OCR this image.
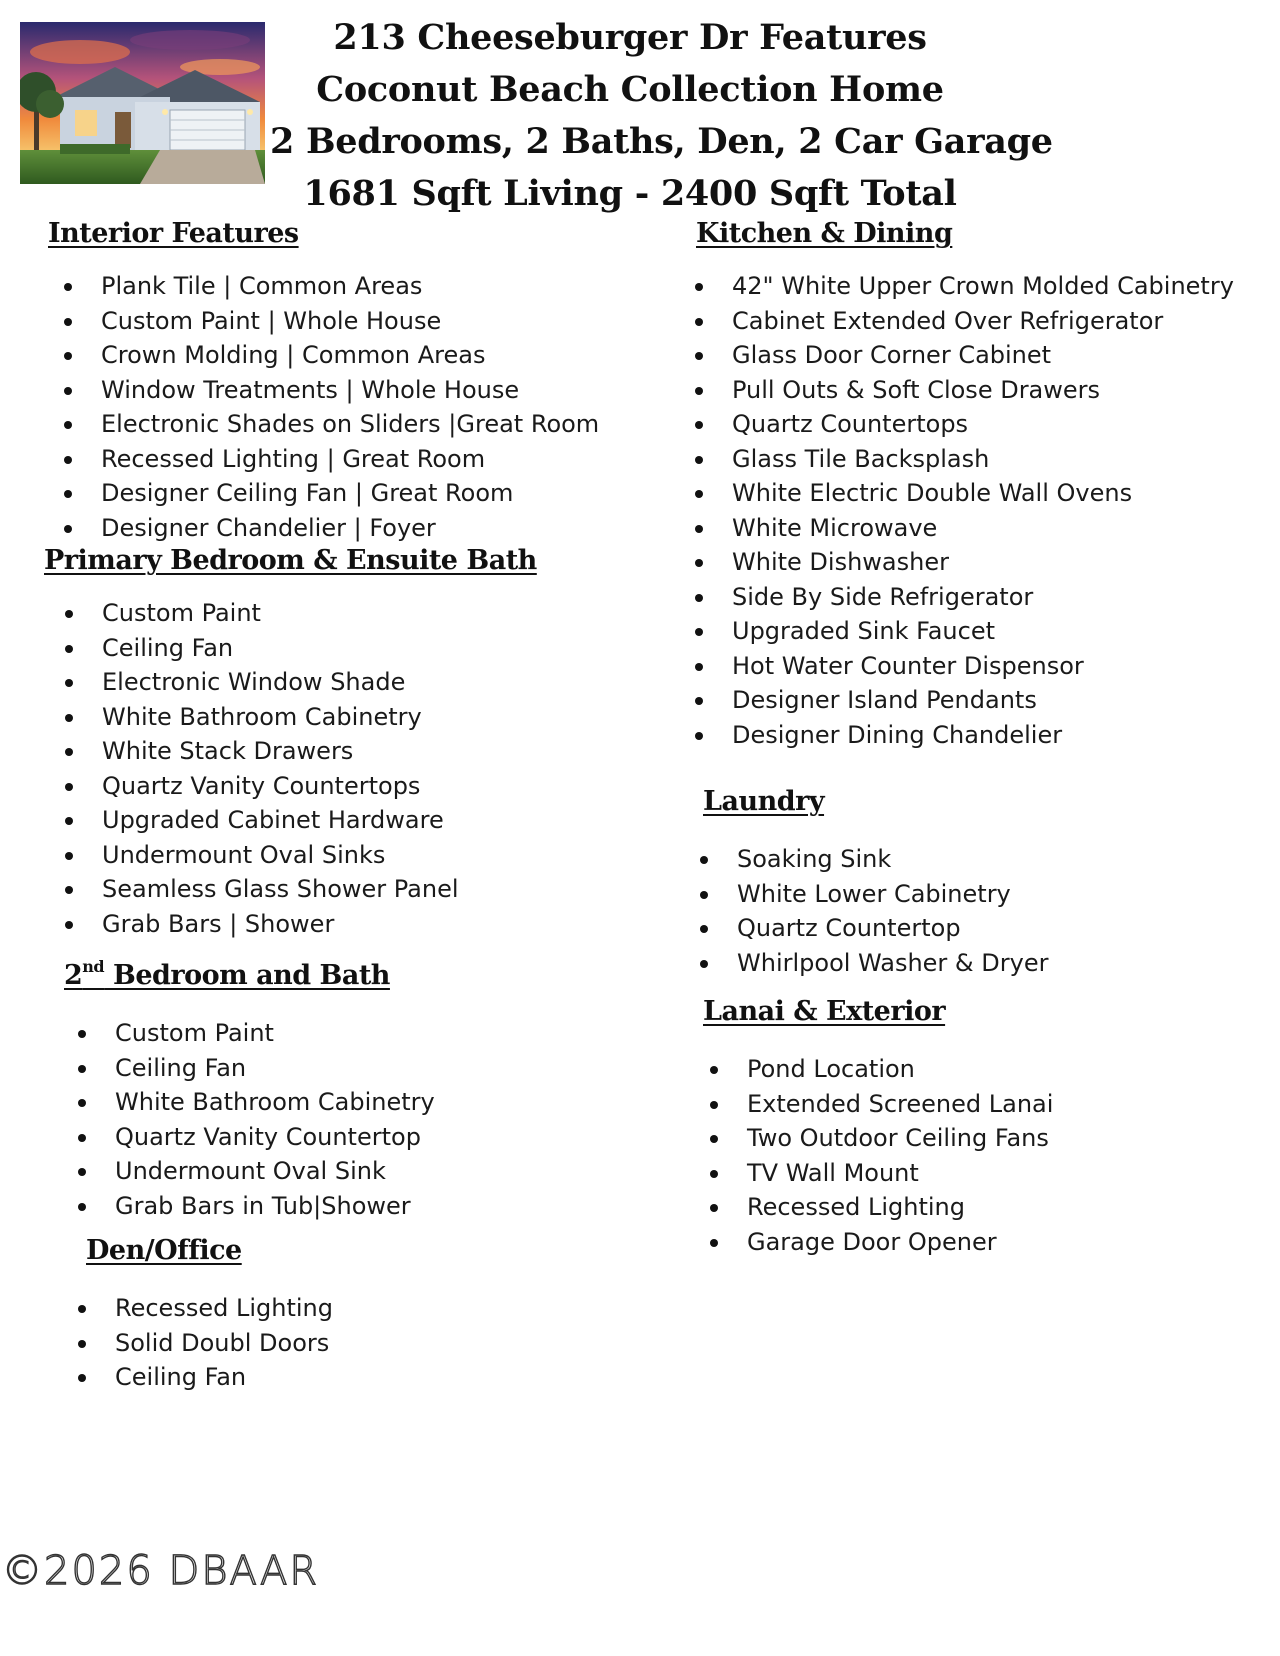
213 Cheeseburger Dr Features
Coconut Beach Collection Home
2 Bedrooms, 2 Baths, Den, 2 Car Garage
1681 Sqft Living - 2400 Sqft Total
Interior Features
Plank Tile | Common Areas
Custom Paint | Whole House
Crown Molding | Common Areas
Window Treatments | Whole House
Electronic Shades on Sliders |Great Room
Recessed Lighting | Great Room
Designer Ceiling Fan | Great Room
Designer Chandelier | Foyer
Primary Bedroom & Ensuite Bath
Custom Paint
Ceiling Fan
Electronic Window Shade
White Bathroom Cabinetry
White Stack Drawers
Quartz Vanity Countertops
Upgraded Cabinet Hardware
Undermount Oval Sinks
Seamless Glass Shower Panel
Grab Bars | Shower
2nd Bedroom and Bath
Custom Paint
Ceiling Fan
White Bathroom Cabinetry
Quartz Vanity Countertop
Undermount Oval Sink
Grab Bars in Tub|Shower
Den/Office
Recessed Lighting
Solid Doubl Doors
Ceiling Fan
Kitchen & Dining
42" White Upper Crown Molded Cabinetry
Cabinet Extended Over Refrigerator
Glass Door Corner Cabinet
Pull Outs & Soft Close Drawers
Quartz Countertops
Glass Tile Backsplash
White Electric Double Wall Ovens
White Microwave
White Dishwasher
Side By Side Refrigerator
Upgraded Sink Faucet
Hot Water Counter Dispensor
Designer Island Pendants
Designer Dining Chandelier
Laundry
Soaking Sink
White Lower Cabinetry
Quartz Countertop
Whirlpool Washer & Dryer
Lanai & Exterior
Pond Location
Extended Screened Lanai
Two Outdoor Ceiling Fans
TV Wall Mount
Recessed Lighting
Garage Door Opener
©2026 DBAAR
